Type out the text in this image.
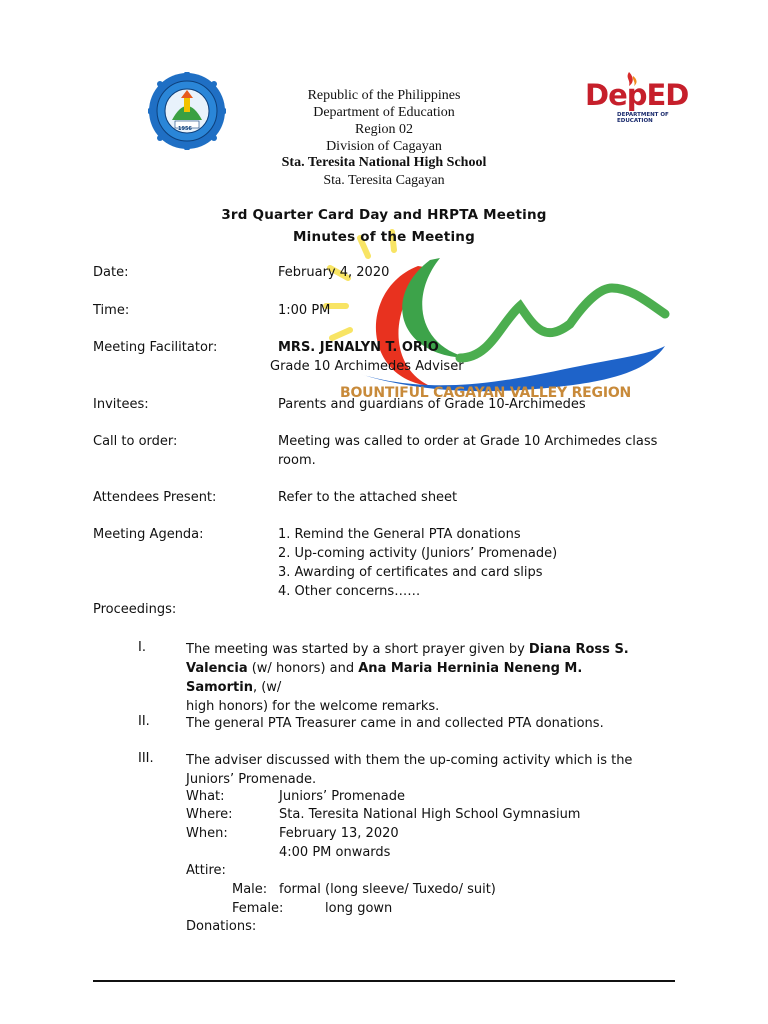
1956
DepED
DEPARTMENT OF EDUCATION
BOUNTIFUL CAGAYAN VALLEY REGION
Republic of the Philippines
Department of Education
Region 02
Division of Cagayan
Sta. Teresita National High School
Sta. Teresita Cagayan
3rd Quarter Card Day and HRPTA Meeting
Minutes of the Meeting
Date:	February 4, 2020
Time:	1:00 PM
Meeting Facilitator:	MRS. JENALYN T. ORIO
Grade 10 Archimedes Adviser
Invitees:	Parents and guardians of Grade 10-Archimedes
Call to order:	Meeting was called to order at Grade 10 Archimedes class
room.
Attendees Present:	Refer to the attached sheet
Meeting Agenda:	1. Remind the General PTA donations
2. Up-coming activity (Juniors’ Promenade)
3. Awarding of certificates and card slips
4. Other concerns……
Proceedings:
I.	The meeting was started by a short prayer given by Diana Ross S.
Valencia (w/ honors) and Ana Maria Herninia Neneng M. Samortin, (w/
high honors) for the welcome remarks.
II.	The general PTA Treasurer came in and collected PTA donations.
III. The adviser discussed with them the up-coming activity which is the
Juniors’ Promenade.
What:	Juniors’ Promenade
Where:	Sta. Teresita National High School Gymnasium
When:	February 13, 2020
4:00 PM onwards
Attire:
Male: formal (long sleeve/ Tuxedo/ suit)
Female:	long gown
Donations:
